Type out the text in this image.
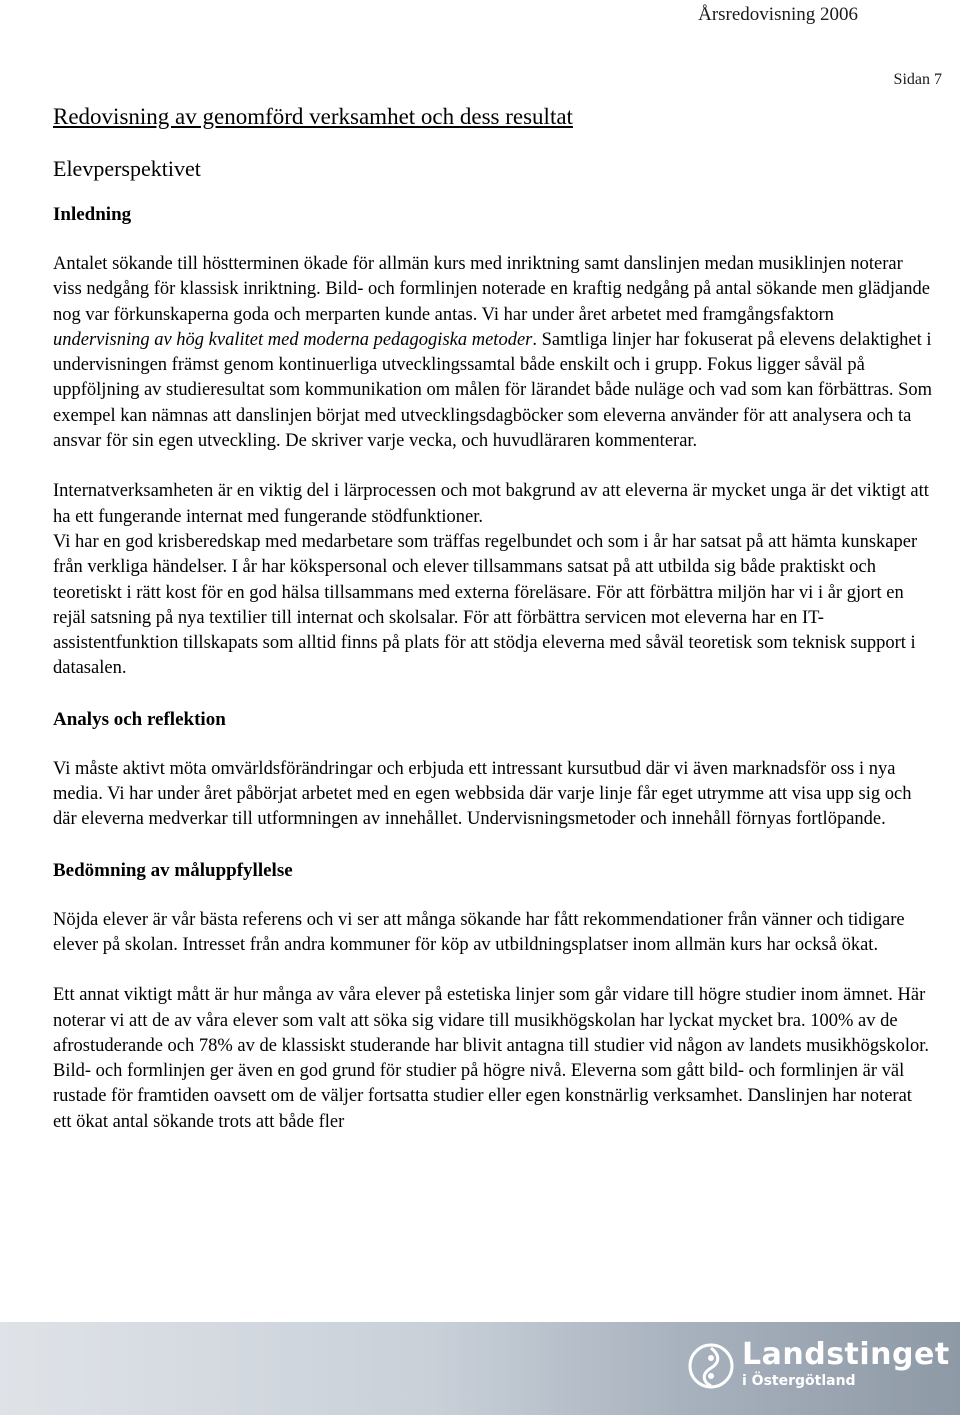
Årsredovisning 2006
Sidan 7
Redovisning av genomförd verksamhet och dess resultat
Elevperspektivet
Inledning

Antalet sökande till höstterminen ökade för allmän kurs med inriktning samt danslinjen medan musiklinjen noterar viss nedgång för klassisk inriktning. Bild- och formlinjen noterade en kraftig nedgång på antal sökande men glädjande nog var förkunskaperna goda och merparten kunde antas. Vi har under året arbetet med framgångsfaktorn undervisning av hög kvalitet med moderna pedagogiska metoder. Samtliga linjer har fokuserat på elevens delaktighet i undervisningen främst genom kontinuerliga utvecklingssamtal både enskilt och i grupp. Fokus ligger såväl på uppföljning av studieresultat som kommunikation om målen för lärandet både nuläge och vad som kan förbättras. Som exempel kan nämnas att danslinjen börjat med utvecklingsdagböcker som eleverna använder för att analysera och ta ansvar för sin egen utveckling. De skriver varje vecka, och huvudläraren kommenterar.

Internatverksamheten är en viktig del i lärprocessen och mot bakgrund av att eleverna är mycket unga är det viktigt att ha ett fungerande internat med fungerande stödfunktioner.

Vi har en god krisberedskap med medarbetare som träffas regelbundet och som i år har satsat på att hämta kunskaper från verkliga händelser. I år har kökspersonal och elever tillsammans satsat på att utbilda sig både praktiskt och teoretiskt i rätt kost för en god hälsa tillsammans med externa föreläsare. För att förbättra miljön har vi i år gjort en rejäl satsning på nya textilier till internat och skolsalar. För att förbättra servicen mot eleverna har en IT-assistentfunktion tillskapats som alltid finns på plats för att stödja eleverna med såväl teoretisk som teknisk support i datasalen.

Analys och reflektion

Vi måste aktivt möta omvärldsförändringar och erbjuda ett intressant kursutbud där vi även marknadsför oss i nya media. Vi har under året påbörjat arbetet med en egen webbsida där varje linje får eget utrymme att visa upp sig och där eleverna medverkar till utformningen av innehållet. Undervisningsmetoder och innehåll förnyas fortlöpande.

Bedömning av måluppfyllelse

Nöjda elever är vår bästa referens och vi ser att många sökande har fått rekommendationer från vänner och tidigare elever på skolan. Intresset från andra kommuner för köp av utbildningsplatser inom allmän kurs har också ökat.

Ett annat viktigt mått är hur många av våra elever på estetiska linjer som går vidare till högre studier inom ämnet. Här noterar vi att de av våra elever som valt att söka sig vidare till musikhögskolan har lyckat mycket bra. 100% av de afrostuderande och 78% av de klassiskt studerande har blivit antagna till studier vid någon av landets musikhögskolor.

Bild- och formlinjen ger även en god grund för studier på högre nivå. Eleverna som gått bild- och formlinjen är väl rustade för framtiden oavsett om de väljer fortsatta studier eller egen konstnärlig verksamhet. Danslinjen har noterat ett ökat antal sökande trots att både fler

Landstinget
i Östergötland
